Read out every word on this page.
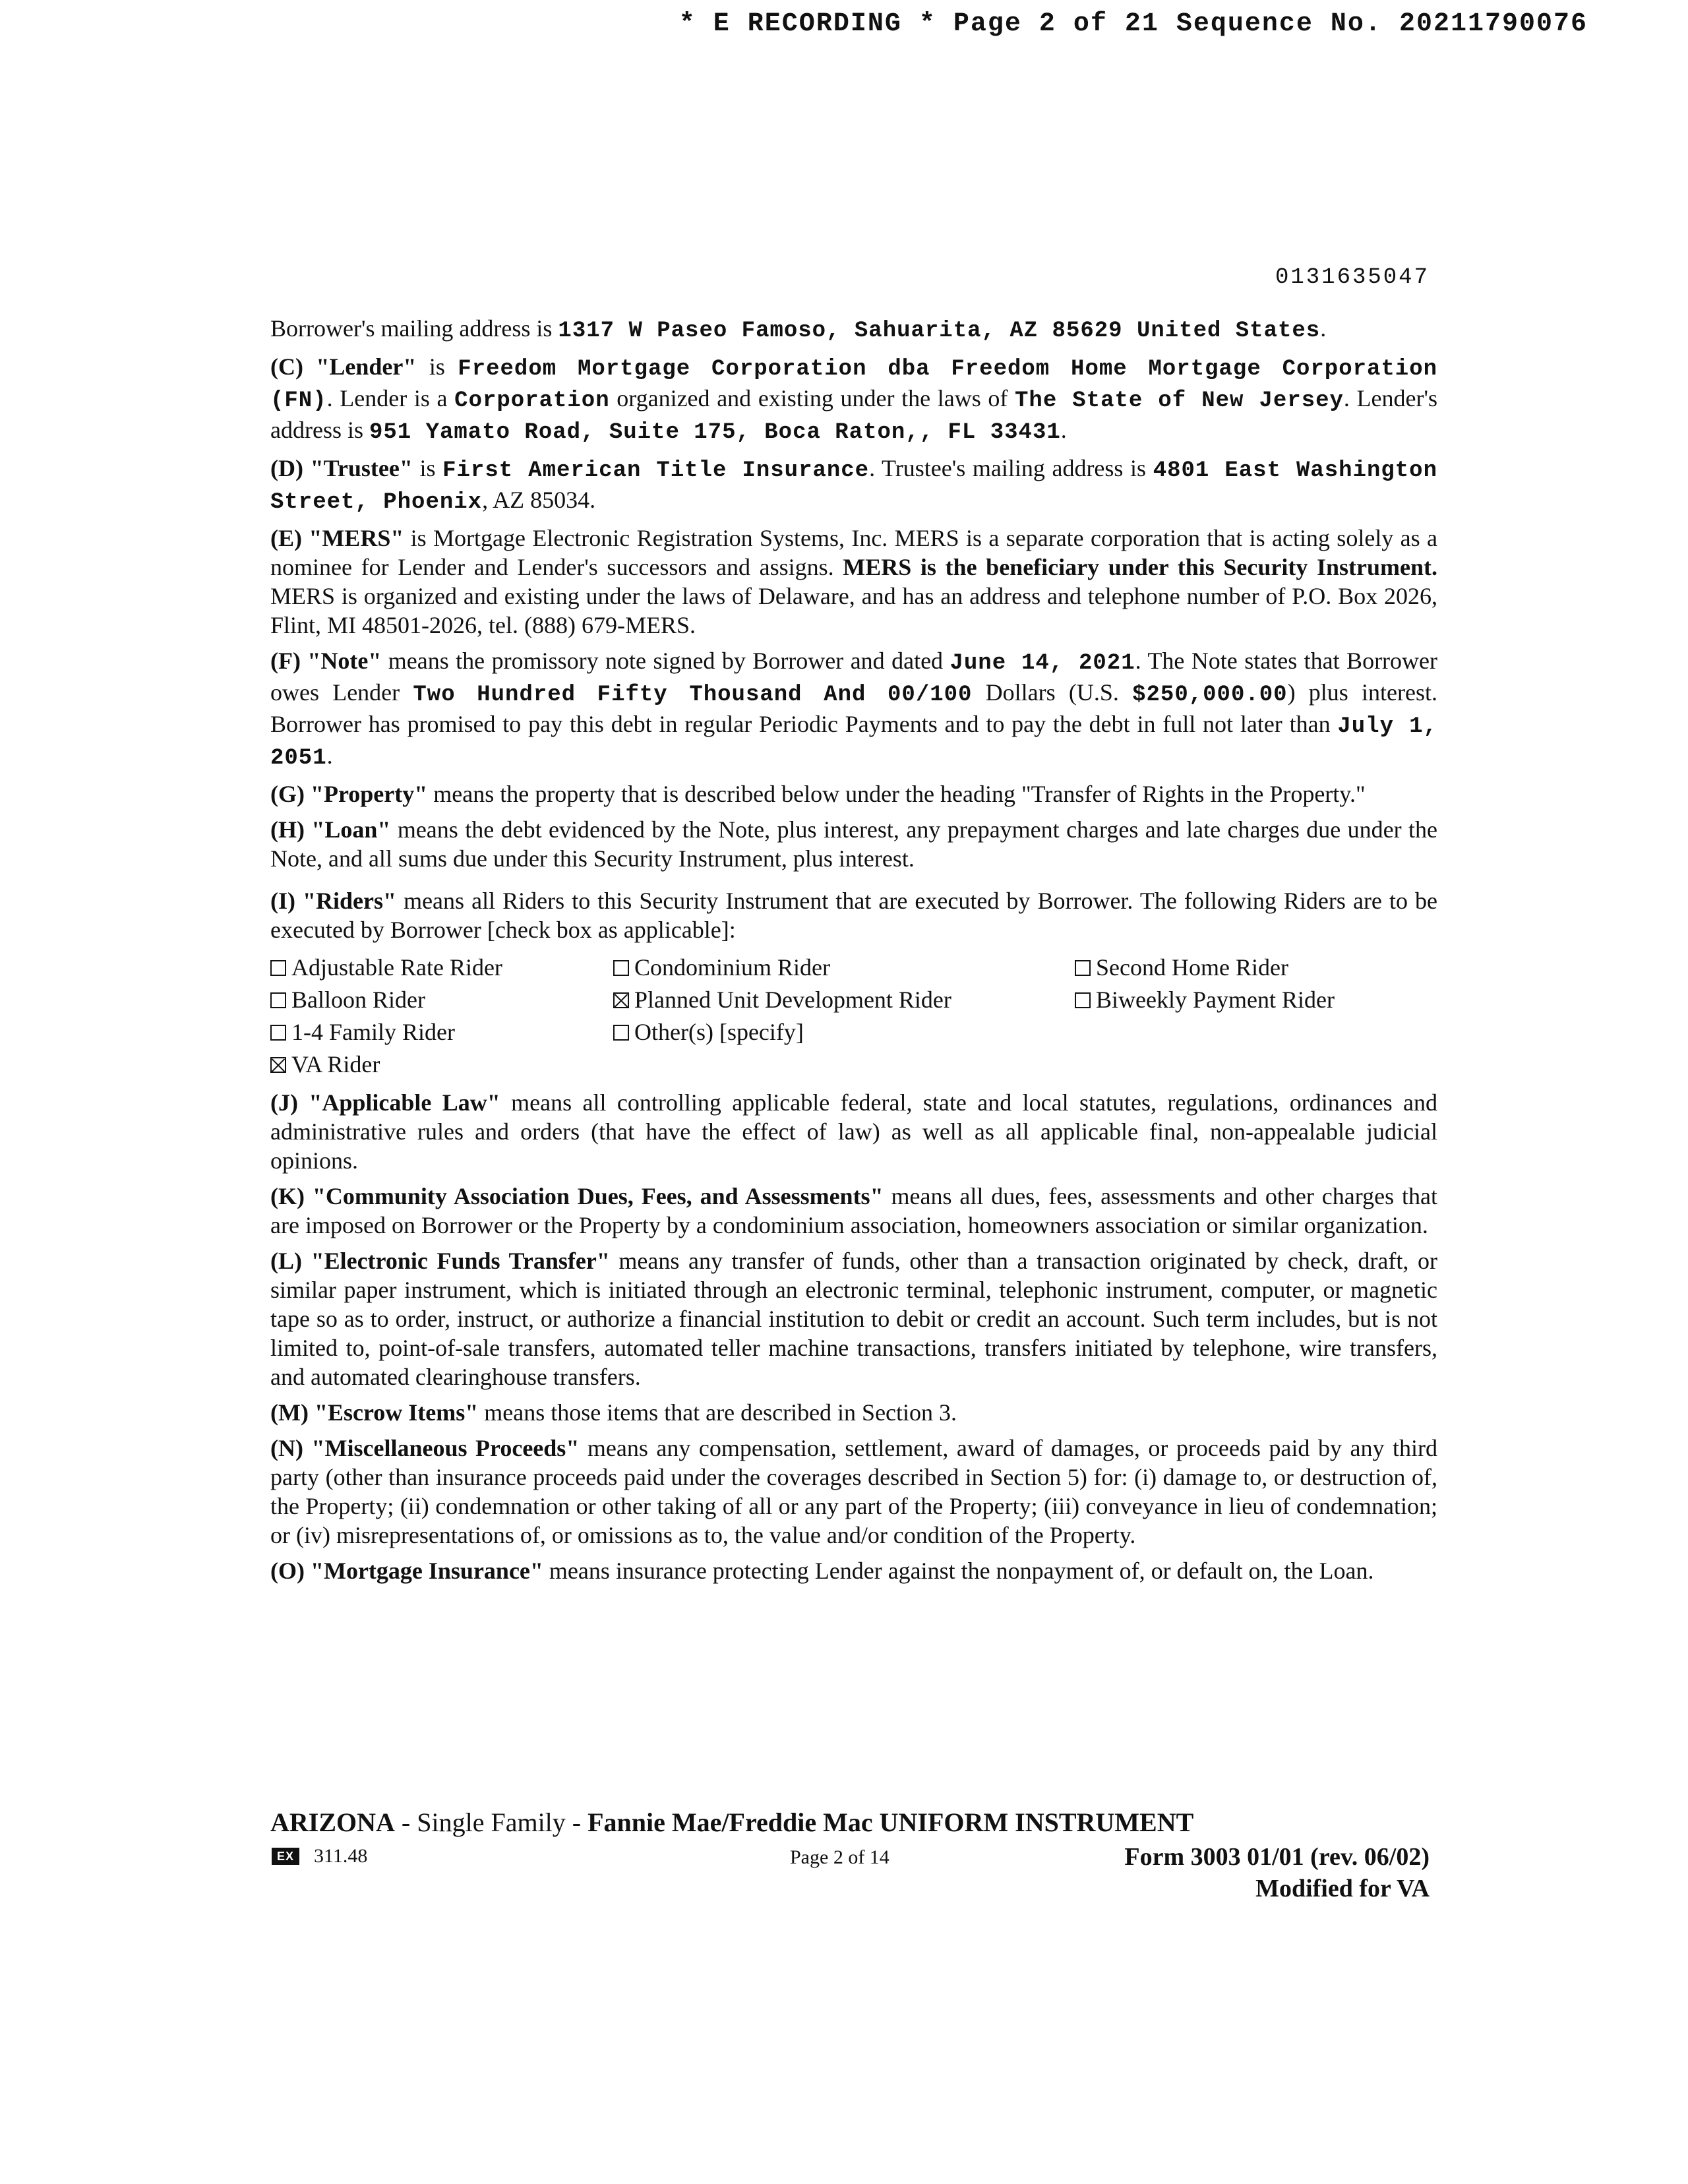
* E RECORDING * Page 2 of 21 Sequence No. 20211790076
0131635047

Borrower's mailing address is 1317 W Paseo Famoso, Sahuarita, AZ 85629 United States.

(C) "Lender" is Freedom Mortgage Corporation dba Freedom Home Mortgage Corporation (FN). Lender is a Corporation organized and existing under the laws of The State of New Jersey. Lender's address is 951 Yamato Road, Suite 175, Boca Raton,, FL 33431.

(D) "Trustee" is First American Title Insurance. Trustee's mailing address is 4801 East Washington Street, Phoenix, AZ 85034.

(E) "MERS" is Mortgage Electronic Registration Systems, Inc. MERS is a separate corporation that is acting solely as a nominee for Lender and Lender's successors and assigns. MERS is the beneficiary under this Security Instrument. MERS is organized and existing under the laws of Delaware, and has an address and telephone number of P.O. Box 2026, Flint, MI 48501-2026, tel. (888) 679-MERS.

(F) "Note" means the promissory note signed by Borrower and dated June 14, 2021. The Note states that Borrower owes Lender Two Hundred Fifty Thousand And 00/100 Dollars (U.S. $250,000.00) plus interest. Borrower has promised to pay this debt in regular Periodic Payments and to pay the debt in full not later than July 1, 2051.

(G) "Property" means the property that is described below under the heading "Transfer of Rights in the Property."

(H) "Loan" means the debt evidenced by the Note, plus interest, any prepayment charges and late charges due under the Note, and all sums due under this Security Instrument, plus interest.

(I) "Riders" means all Riders to this Security Instrument that are executed by Borrower. The following Riders are to be executed by Borrower [check box as applicable]:

Adjustable Rate Rider	Condominium Rider	Second Home Rider
Balloon Rider	Planned Unit Development Rider	Biweekly Payment Rider
1-4 Family Rider	Other(s) [specify]
VA Rider

(J) "Applicable Law" means all controlling applicable federal, state and local statutes, regulations, ordinances and administrative rules and orders (that have the effect of law) as well as all applicable final, non-appealable judicial opinions.

(K) "Community Association Dues, Fees, and Assessments" means all dues, fees, assessments and other charges that are imposed on Borrower or the Property by a condominium association, homeowners association or similar organization.

(L) "Electronic Funds Transfer" means any transfer of funds, other than a transaction originated by check, draft, or similar paper instrument, which is initiated through an electronic terminal, telephonic instrument, computer, or magnetic tape so as to order, instruct, or authorize a financial institution to debit or credit an account. Such term includes, but is not limited to, point-of-sale transfers, automated teller machine transactions, transfers initiated by telephone, wire transfers, and automated clearinghouse transfers.

(M) "Escrow Items" means those items that are described in Section 3.

(N) "Miscellaneous Proceeds" means any compensation, settlement, award of damages, or proceeds paid by any third party (other than insurance proceeds paid under the coverages described in Section 5) for: (i) damage to, or destruction of, the Property; (ii) condemnation or other taking of all or any part of the Property; (iii) conveyance in lieu of condemnation; or (iv) misrepresentations of, or omissions as to, the value and/or condition of the Property.

(O) "Mortgage Insurance" means insurance protecting Lender against the nonpayment of, or default on, the Loan.

ARIZONA - Single Family - Fannie Mae/Freddie Mac UNIFORM INSTRUMENT
EX 311.48	Page 2 of 14	Form 3003 01/01 (rev. 06/02)
Modified for VA
